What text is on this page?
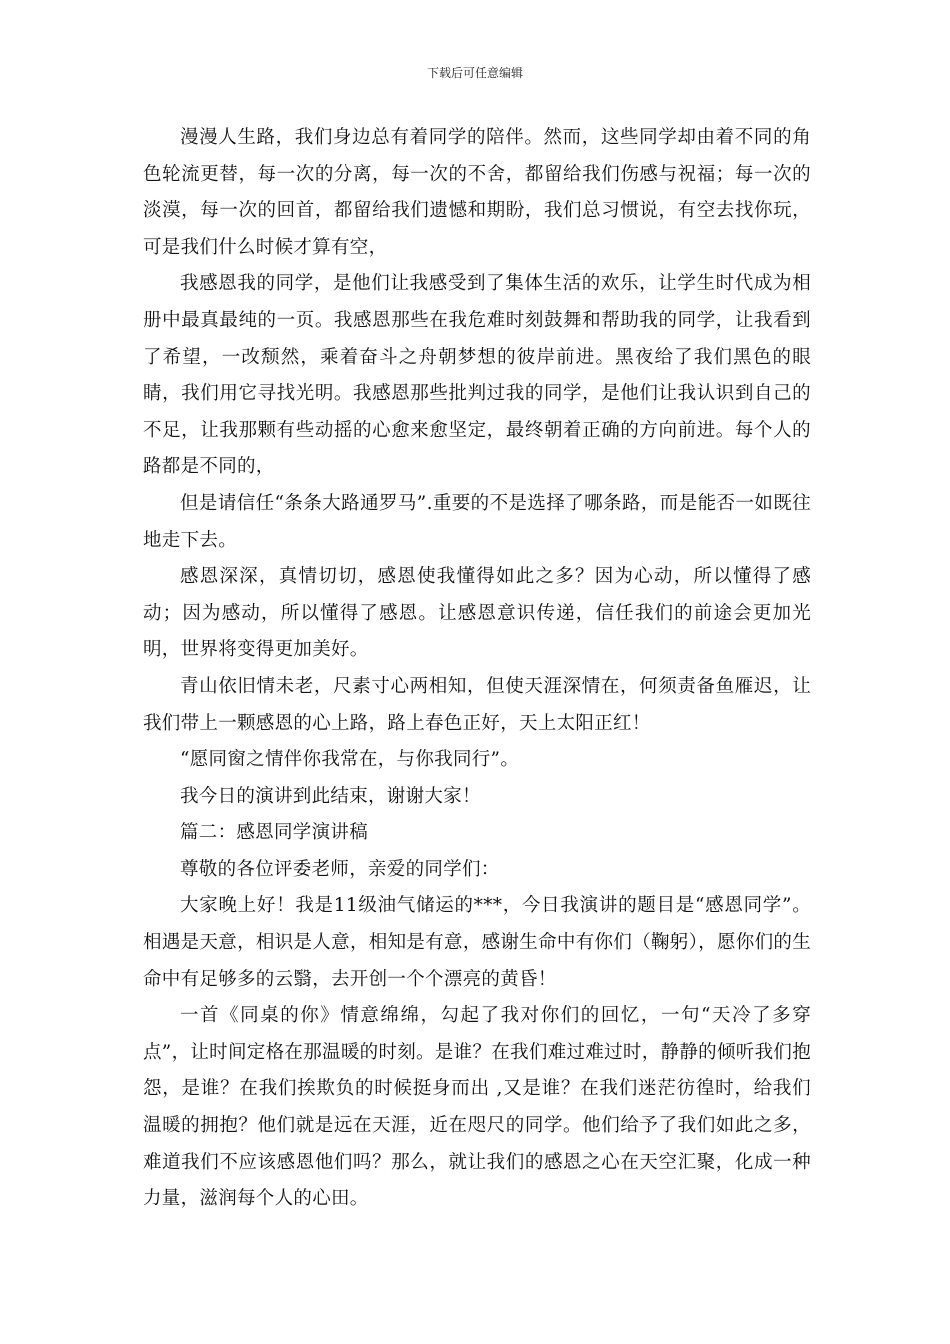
下载后可任意编辑

漫漫人生路，我们身边总有着同学的陪伴。然而，这些同学却由着不同的角色轮流更替，每一次的分离，每一次的不舍，都留给我们伤感与祝福；每一次的淡漠，每一次的回首，都留给我们遗憾和期盼，我们总习惯说，有空去找你玩，可是我们什么时候才算有空，

我感恩我的同学，是他们让我感受到了集体生活的欢乐，让学生时代成为相册中最真最纯的一页。我感恩那些在我危难时刻鼓舞和帮助我的同学，让我看到了希望，一改颓然，乘着奋斗之舟朝梦想的彼岸前进。黑夜给了我们黑色的眼睛，我们用它寻找光明。我感恩那些批判过我的同学，是他们让我认识到自己的不足，让我那颗有些动摇的心愈来愈坚定，最终朝着正确的方向前进。每个人的路都是不同的，

但是请信任“条条大路通罗马”.重要的不是选择了哪条路，而是能否一如既往地走下去。

感恩深深，真情切切，感恩使我懂得如此之多？因为心动，所以懂得了感动；因为感动，所以懂得了感恩。让感恩意识传递，信任我们的前途会更加光明，世界将变得更加美好。

青山依旧情未老，尺素寸心两相知，但使天涯深情在，何须责备鱼雁迟，让我们带上一颗感恩的心上路，路上春色正好，天上太阳正红！

“愿同窗之情伴你我常在，与你我同行”。

我今日的演讲到此结束，谢谢大家！

篇二：感恩同学演讲稿

尊敬的各位评委老师，亲爱的同学们：

大家晚上好！我是11级油气储运的***，今日我演讲的题目是“感恩同学”。相遇是天意，相识是人意，相知是有意，感谢生命中有你们（鞠躬），愿你们的生命中有足够多的云翳，去开创一个个漂亮的黄昏！

一首《同桌的你》情意绵绵，勾起了我对你们的回忆，一句“天冷了多穿点”，让时间定格在那温暖的时刻。是谁？在我们难过难过时，静静的倾听我们抱怨，是谁？在我们挨欺负的时候挺身而出 ,又是谁？在我们迷茫彷徨时，给我们温暖的拥抱？他们就是远在天涯，近在咫尺的同学。他们给予了我们如此之多，难道我们不应该感恩他们吗？那么，就让我们的感恩之心在天空汇聚，化成一种力量，滋润每个人的心田。
